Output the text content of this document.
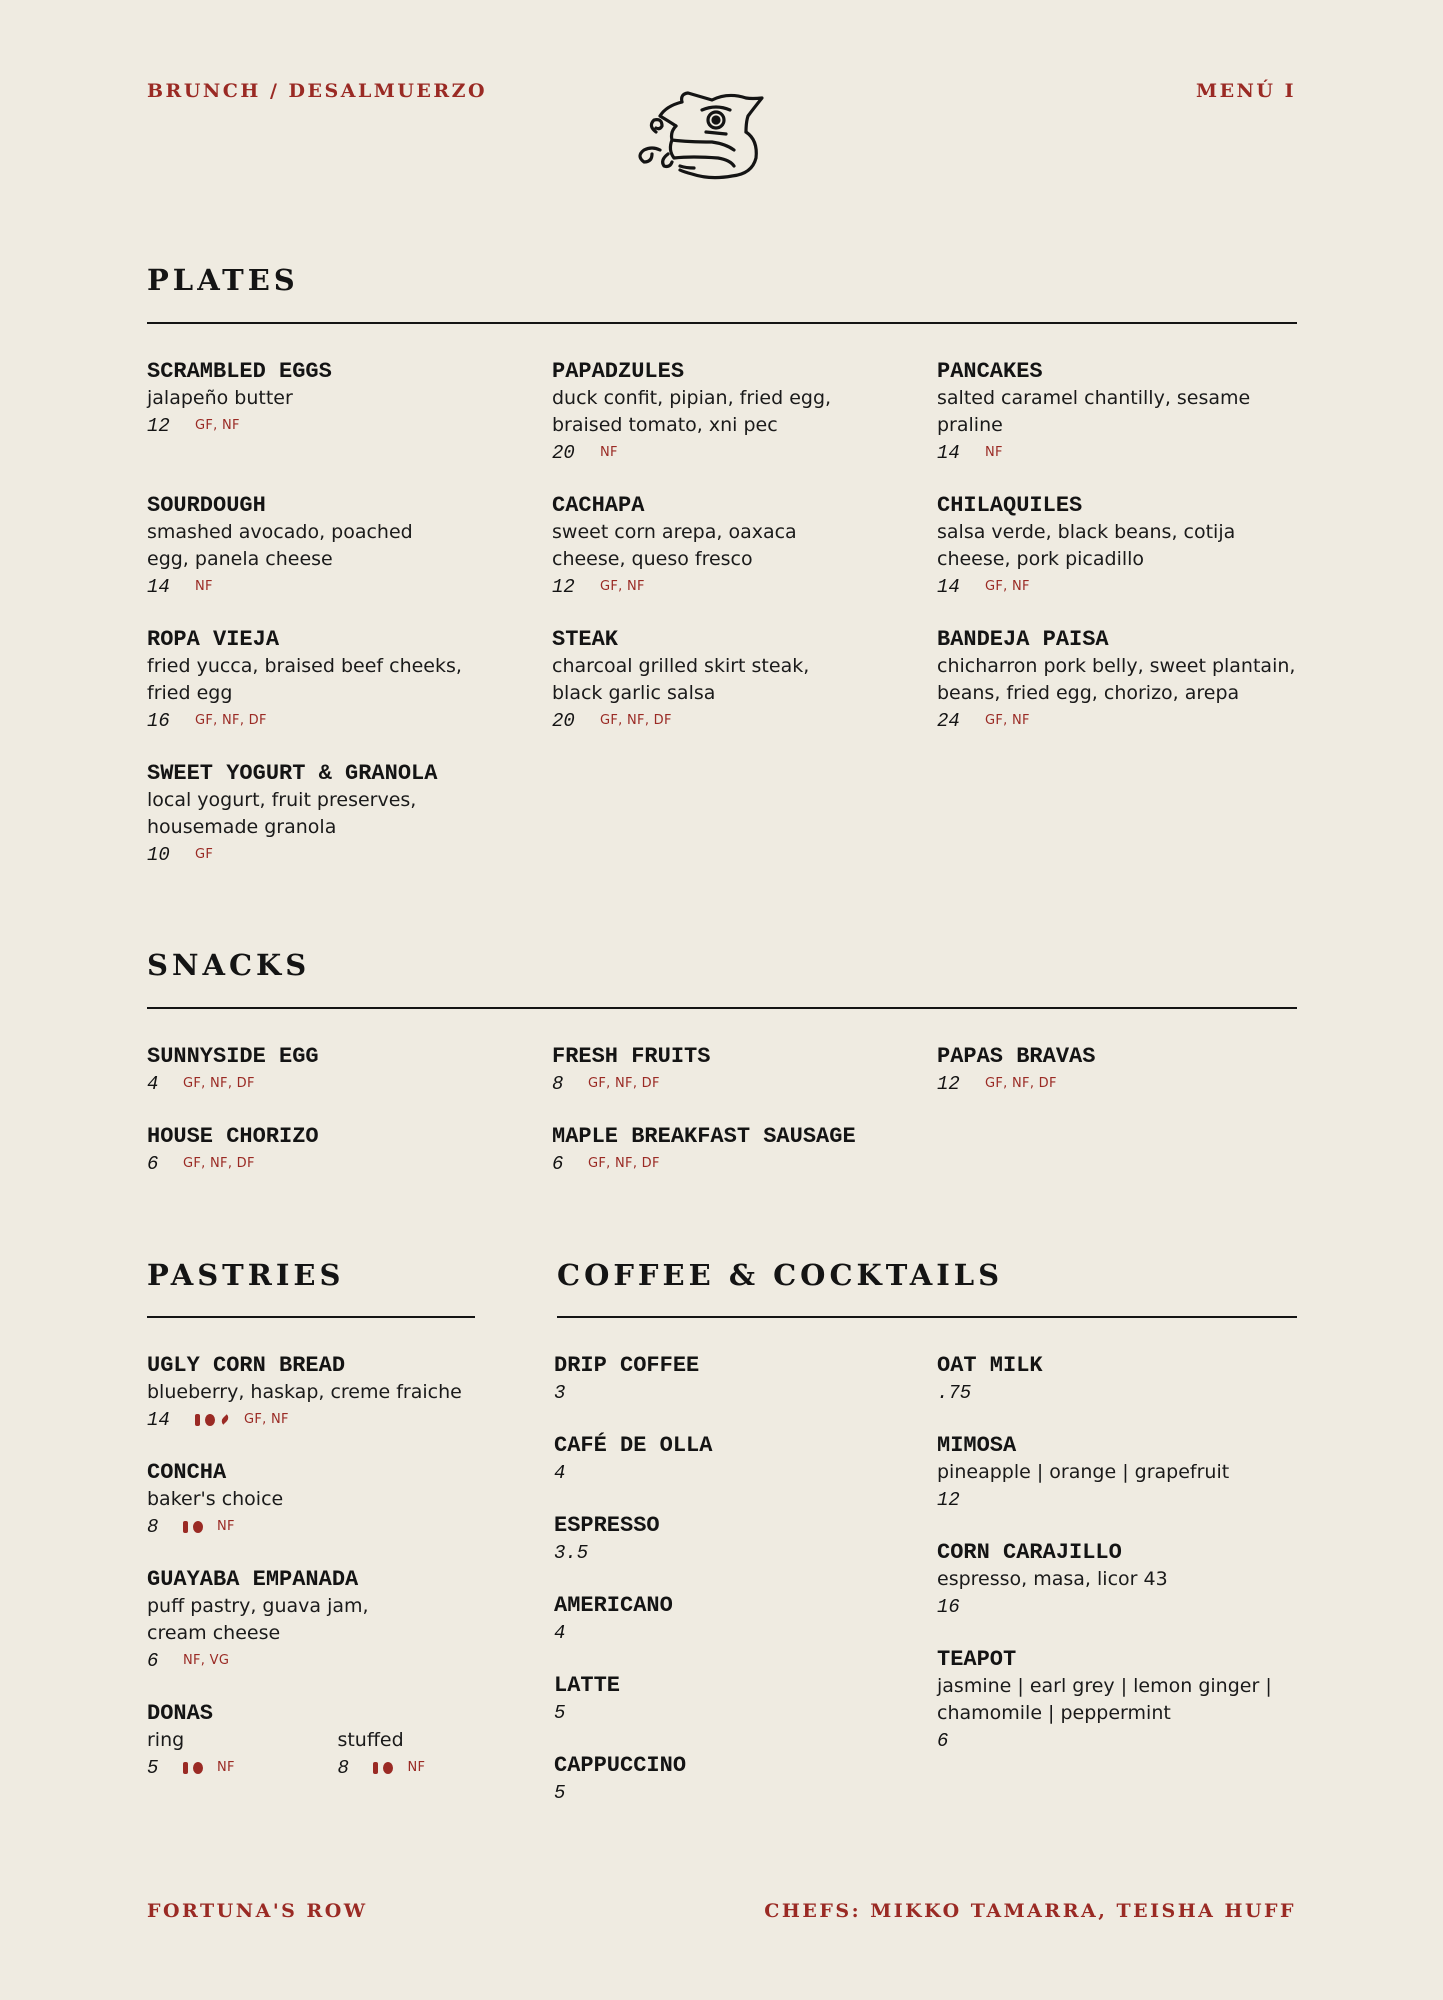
BRUNCH / DESALMUERZO	MENÚ I
PLATES
SCRAMBLED EGGS
jalapeño butter
12	GF, NF
PAPADZULES
duck confit, pipian, fried egg, braised tomato, xni pec
20	NF
PANCAKES
salted caramel chantilly, sesame praline
14	NF
SOURDOUGH
smashed avocado, poached egg, panela cheese
14	NF
CACHAPA
sweet corn arepa, oaxaca cheese, queso fresco
12	GF, NF
CHILAQUILES
salsa verde, black beans, cotija cheese, pork picadillo
14	GF, NF
ROPA VIEJA
fried yucca, braised beef cheeks, fried egg
16	GF, NF, DF
STEAK
charcoal grilled skirt steak, black garlic salsa
20	GF, NF, DF
BANDEJA PAISA
chicharron pork belly, sweet plantain, beans, fried egg, chorizo, arepa
24	GF, NF
SWEET YOGURT & GRANOLA
local yogurt, fruit preserves, housemade granola
10	GF
SNACKS
SUNNYSIDE EGG
4	GF, NF, DF
FRESH FRUITS
8	GF, NF, DF
PAPAS BRAVAS
12	GF, NF, DF
HOUSE CHORIZO
6	GF, NF, DF
MAPLE BREAKFAST SAUSAGE
6	GF, NF, DF
PASTRIES
UGLY CORN BREAD
blueberry, haskap, creme fraiche
14	GF, NF
CONCHA
baker's choice
8	NF
GUAYABA EMPANADA
puff pastry, guava jam, cream cheese
6	NF, VG
DONAS
ring
5	NF

stuffed
8	NF
COFFEE & COCKTAILS
DRIP COFFEE
3
OAT MILK
.75
CAFÉ DE OLLA
4
MIMOSA
pineapple | orange | grapefruit
12
ESPRESSO
3.5	CORN CARAJILLO
espresso, masa, licor 43
16
AMERICANO
4
TEAPOT
jasmine | earl grey | lemon ginger | chamomile | peppermint
6
LATTE
5
CAPPUCCINO
5
FORTUNA'S ROW	CHEFS: MIKKO TAMARRA, TEISHA HUFF
